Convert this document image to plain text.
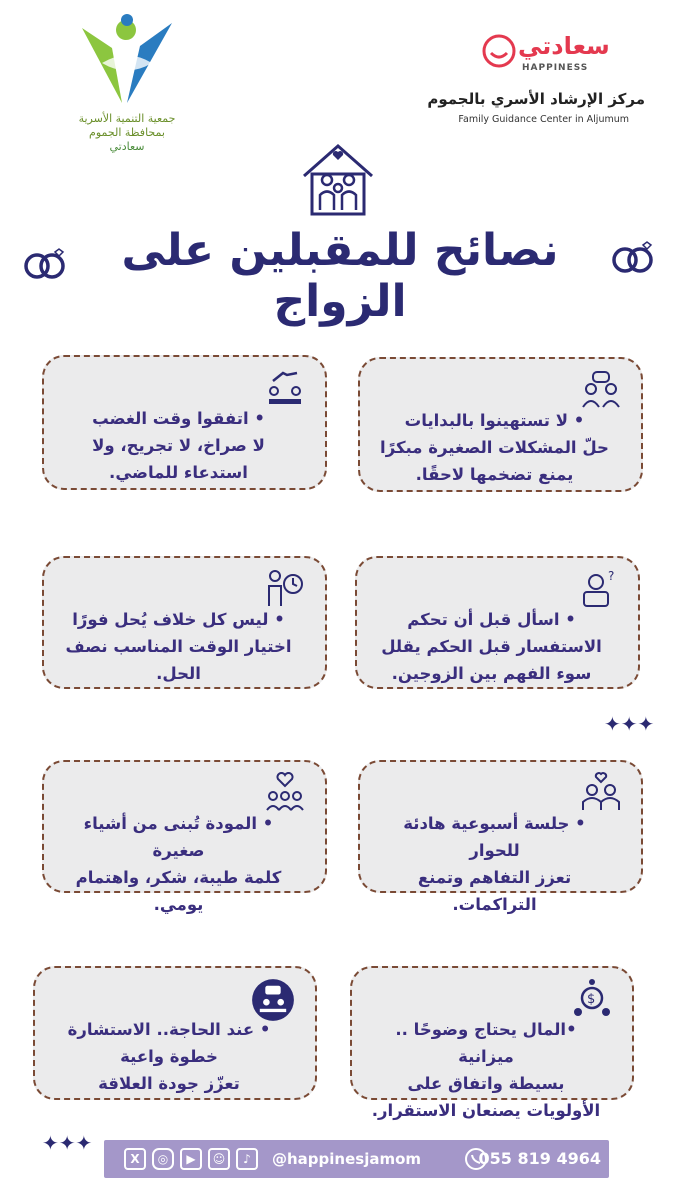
جمعية التنمية الأسرية
بمحافظة الجموم
سعادتي
سعادتي
HAPPINESS
مركز الإرشاد الأسري بالجموم
Family Guidance Center in Aljumum
نصائح للمقبلين على الزواج
• لا تستهينوا بالبدايات
حلّ المشكلات الصغيرة مبكرًا يمنع تضخمها لاحقًا.
• اتفقوا وقت الغضب
لا صراخ، لا تجريح، ولا استدعاء للماضي.
?
• اسأل قبل أن تحكم
الاستفسار قبل الحكم يقلل سوء الفهم بين الزوجين.
• ليس كل خلاف يُحل فورًا
اختيار الوقت المناسب نصف الحل.
✦✦✦
• جلسة أسبوعية هادئة للحوار
تعزز التفاهم وتمنع التراكمات.
• المودة تُبنى من أشياء صغيرة
كلمة طيبة، شكر، واهتمام يومي.
$
•المال يحتاج وضوحًا .. ميزانية
بسيطة واتفاق على الأولويات يصنعان الاستقرار.
• عند الحاجة.. الاستشارة خطوة واعية
تعزّز جودة العلاقة
✦✦✦
X	◎	▶	☺	♪	@happinesjamom	055 819 4964
